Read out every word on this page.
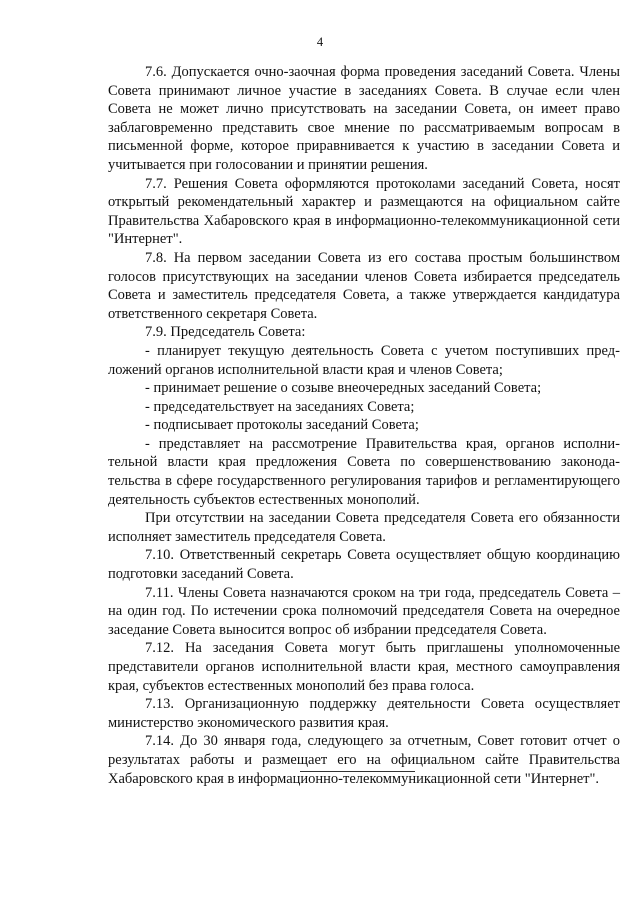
4

7.6. Допускается очно-заочная форма проведения заседаний Совета. Члены Совета принимают личное участие в заседаниях Совета. В случае если член Совета не может лично присутствовать на заседании Совета, он имеет право заблаговременно представить свое мнение по рассматриваемым вопросам в письменной форме, которое приравнивается к участию в заседании Совета и учитывается при голосовании и принятии решения.

7.7. Решения Совета оформляются протоколами заседаний Совета, носят открытый рекомендательный характер и размещаются на официальном сайте Правительства Хабаровского края в информационно-телекоммуникационной сети "Интернет".

7.8. На первом заседании Совета из его состава простым большинством голосов присутствующих на заседании членов Совета избирается председатель Совета и заместитель председателя Совета, а также утверждается кандидатура ответственного секретаря Совета.

7.9. Председатель Совета:

- планирует текущую деятельность Совета с учетом поступивших предложений органов исполнительной власти края и членов Совета;

- принимает решение о созыве внеочередных заседаний Совета;

- председательствует на заседаниях Совета;

- подписывает протоколы заседаний Совета;

- представляет на рассмотрение Правительства края, органов исполнительной власти края предложения Совета по совершенствованию законодательства в сфере государственного регулирования тарифов и регламентирующего деятельность субъектов естественных монополий.

При отсутствии на заседании Совета председателя Совета его обязанности исполняет заместитель председателя Совета.

7.10. Ответственный секретарь Совета осуществляет общую координацию подготовки заседаний Совета.

7.11. Члены Совета назначаются сроком на три года, председатель Совета – на один год. По истечении срока полномочий председателя Совета на очередное заседание Совета выносится вопрос об избрании председателя Совета.

7.12. На заседания Совета могут быть приглашены уполномоченные представители органов исполнительной власти края, местного самоуправления края, субъектов естественных монополий без права голоса.

7.13. Организационную поддержку деятельности Совета осуществляет министерство экономического развития края.

7.14. До 30 января года, следующего за отчетным, Совет готовит отчет о результатах работы и размещает его на официальном сайте Правительства Хабаровского края в информационно-телекоммуникационной сети "Интернет".
